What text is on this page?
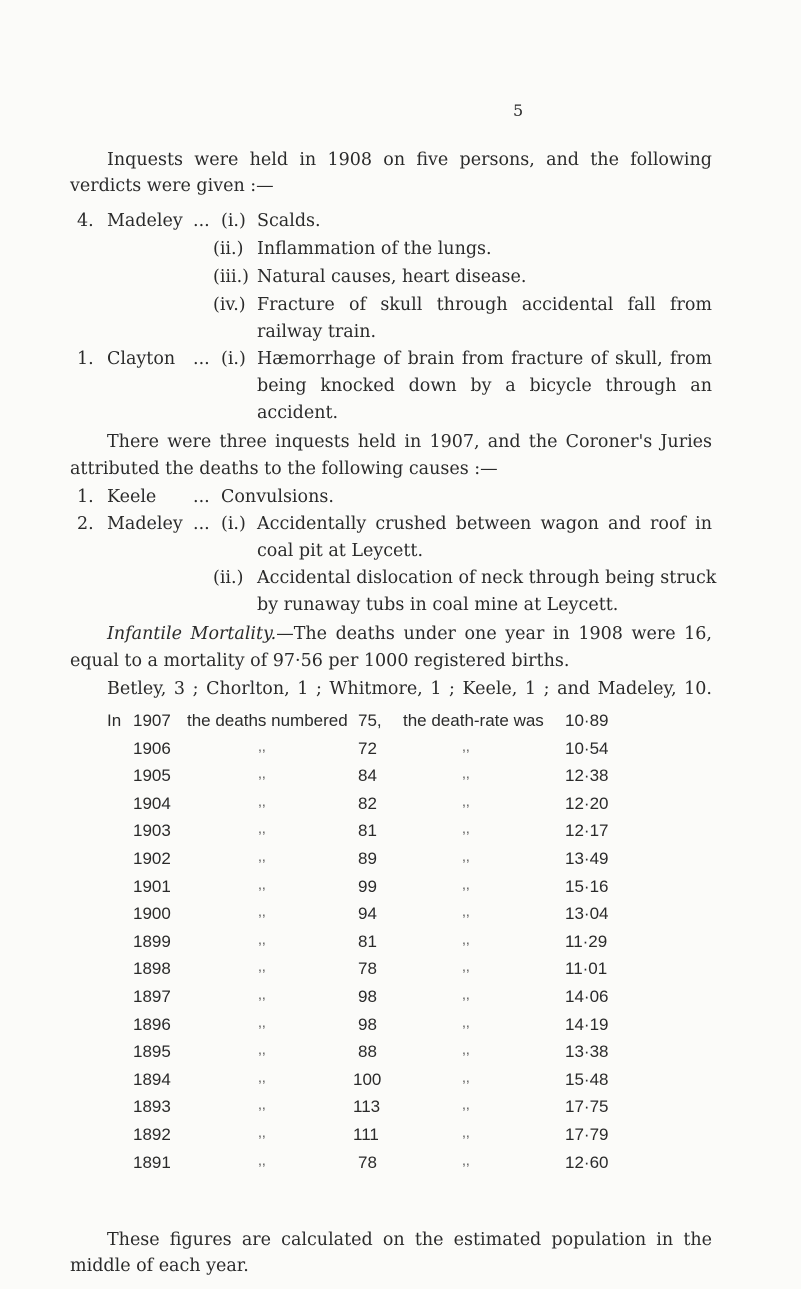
5
Inquests were held in 1908 on five persons, and the following
verdicts were given :—
4. Madeley ... (i.) Scalds.
(ii.) Inflammation of the lungs.
(iii.) Natural causes, heart disease.
(iv.) Fracture of skull through accidental fall from
railway train.
1. Clayton ... (i.) Hæmorrhage of brain from fracture of skull, from
being knocked down by a bicycle through an
accident.
There were three inquests held in 1907, and the Coroner's Juries
attributed the deaths to the following causes :—
1. Keele ... Convulsions.
2. Madeley ... (i.) Accidentally crushed between wagon and roof in
coal pit at Leycett.
(ii.) Accidental dislocation of neck through being struck
by runaway tubs in coal mine at Leycett.
Infantile Mortality.—The deaths under one year in 1908 were 16,
equal to a mortality of 97·56 per 1000 registered births.
Betley, 3 ; Chorlton, 1 ; Whitmore, 1 ; Keele, 1 ; and Madeley, 10.
In 1907 the deaths numbered 75, the death-rate was 10·89
1906	,,	72	,,	10·54
1905	,,	84	,,	12·38
1904	,,	82	,,	12·20
1903	,,	81	,,	12·17
1902	,,	89	,,	13·49
1901	,,	99	,,	15·16
1900	,,	94	,,	13·04
1899	,,	81	,,	11·29
1898	,,	78	,,	11·01
1897	,,	98	,,	14·06
1896	,,	98	,,	14·19
1895	,,	88	,,	13·38
1894	,,	100	,,	15·48
1893	,,	113	,,	17·75
1892	,,	111	,,	17·79
1891	,,	78	,,	12·60
These figures are calculated on the estimated population in the
middle of each year.
